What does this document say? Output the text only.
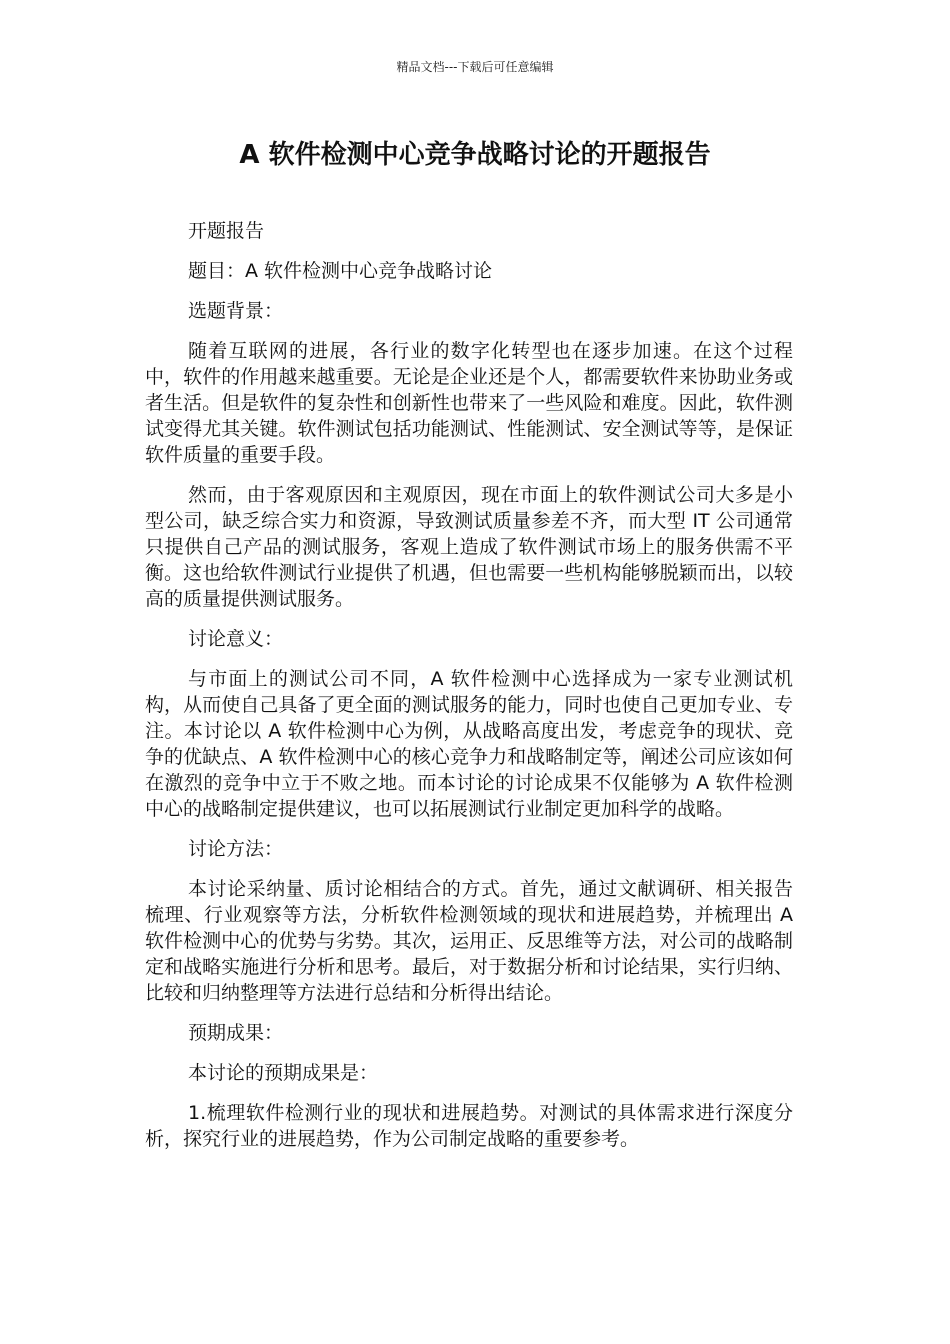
精品文档---下载后可任意编辑
A 软件检测中心竞争战略讨论的开题报告

开题报告

题目：A 软件检测中心竞争战略讨论

选题背景：

随着互联网的进展，各行业的数字化转型也在逐步加速。在这个过程中，软件的作用越来越重要。无论是企业还是个人，都需要软件来协助业务或者生活。但是软件的复杂性和创新性也带来了一些风险和难度。因此，软件测试变得尤其关键。软件测试包括功能测试、性能测试、安全测试等等，是保证软件质量的重要手段。

然而，由于客观原因和主观原因，现在市面上的软件测试公司大多是小型公司，缺乏综合实力和资源，导致测试质量参差不齐，而大型 IT 公司通常只提供自己产品的测试服务，客观上造成了软件测试市场上的服务供需不平衡。这也给软件测试行业提供了机遇，但也需要一些机构能够脱颖而出，以较高的质量提供测试服务。

讨论意义：

与市面上的测试公司不同，A 软件检测中心选择成为一家专业测试机构，从而使自己具备了更全面的测试服务的能力，同时也使自己更加专业、专注。本讨论以 A 软件检测中心为例，从战略高度出发，考虑竞争的现状、竞争的优缺点、A 软件检测中心的核心竞争力和战略制定等，阐述公司应该如何在激烈的竞争中立于不败之地。而本讨论的讨论成果不仅能够为 A 软件检测中心的战略制定提供建议，也可以拓展测试行业制定更加科学的战略。

讨论方法：

本讨论采纳量、质讨论相结合的方式。首先，通过文献调研、相关报告梳理、行业观察等方法，分析软件检测领域的现状和进展趋势，并梳理出 A 软件检测中心的优势与劣势。其次，运用正、反思维等方法，对公司的战略制定和战略实施进行分析和思考。最后，对于数据分析和讨论结果，实行归纳、比较和归纳整理等方法进行总结和分析得出结论。

预期成果：

本讨论的预期成果是：

1.梳理软件检测行业的现状和进展趋势。对测试的具体需求进行深度分析，探究行业的进展趋势，作为公司制定战略的重要参考。
